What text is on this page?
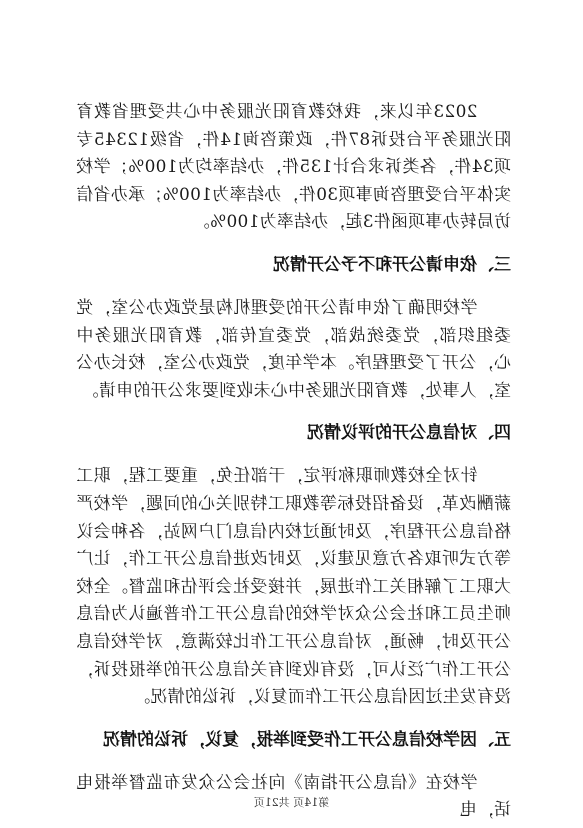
2023年以来，我校教育阳光服务中心共受理省教育阳光服务平台投诉87件，政策咨询14件，省级12345专项34件，各类诉求合计135件，办结率均为100%；学校实体平台受理咨询事项30件，办结率为100%；承办省信访局转办事项函件3起，办结率为100%。

三、依申请公开和不予公开情况

学校明确了依申请公开的受理机构是党政办公室，党委组织部，党委统战部，党委宣传部，教育阳光服务中心，公开了受理程序。本学年度，党政办公室，校长办公室，人事处，教育阳光服务中心未收到要求公开的申请。

四、对信息公开的评议情况

针对全校教师职称评定，干部任免，重要工程，职工薪酬改革，设备招投标等教职工特别关心的问题，学校严格信息公开程序，及时通过校内信息门户网站，各种会议等方式听取各方意见建议，及时改进信息公开工作，让广大职工了解相关工作进展，并接受社会评估和监督。全校师生员工和社会公众对学校的信息公开工作普遍认为信息公开及时，畅通，对信息公开工作比较满意，对学校信息公开工作广泛认可，没有收到有关信息公开的举报投诉，没有发生过因信息公开工作而复议，诉讼的情况。

五、因学校信息公开工作受到举报，复议，诉讼的情况

学校在《信息公开指南》向社会公众发布监督举报电话，电

第14页 共21页
